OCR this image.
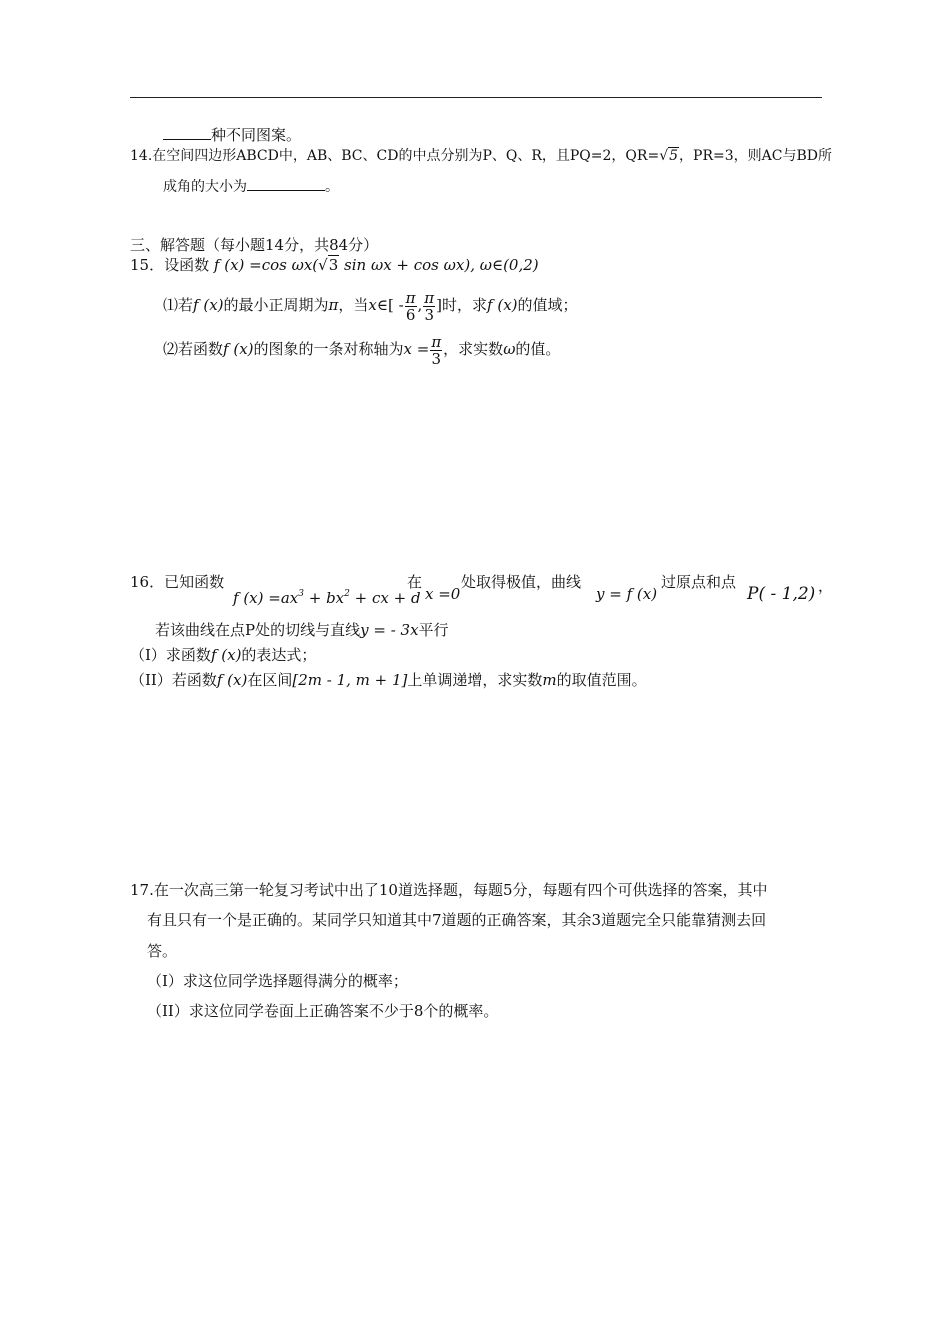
种不同图案。
14.在空间四边形ABCD中，AB、BC、CD的中点分别为P、Q、R，且PQ=2，QR=√5，PR=3，则AC与BD所
成角的大小为	。
三、解答题（每小题14分，共84分）
15．设函数 f (x) =cos ωx(√3 sin ωx + cos ωx), ω∈(0,2)
⑴若f (x)的最小正周期为π，当x∈[ - $\frac{\pi}{6}$ , $\frac{\pi}{3}$ ]时，求f (x)的值域；
⑵若函数f (x)的图象的一条对称轴为$x = \frac{\pi}{3}$ ，求实数ω的值。
16．已知函数
f $(x) =ax^3 + bx^2$ + cx + d
在
x =0
处取得极值，曲线
y = f (x)
过原点和点
P( - 1,2) ，
若该曲线在点P处的切线与直线y = - 3x平行
（I）求函数f (x)的表达式；
（II）若函数f (x)在区间[2m - 1, m + 1]上单调递增，求实数m的取值范围。
17.在一次高三第一轮复习考试中出了10道选择题，每题5分，每题有四个可供选择的答案，其中
有且只有一个是正确的。某同学只知道其中7道题的正确答案，其余3道题完全只能靠猜测去回
答。
（I）求这位同学选择题得满分的概率；
（II）求这位同学卷面上正确答案不少于8个的概率。
